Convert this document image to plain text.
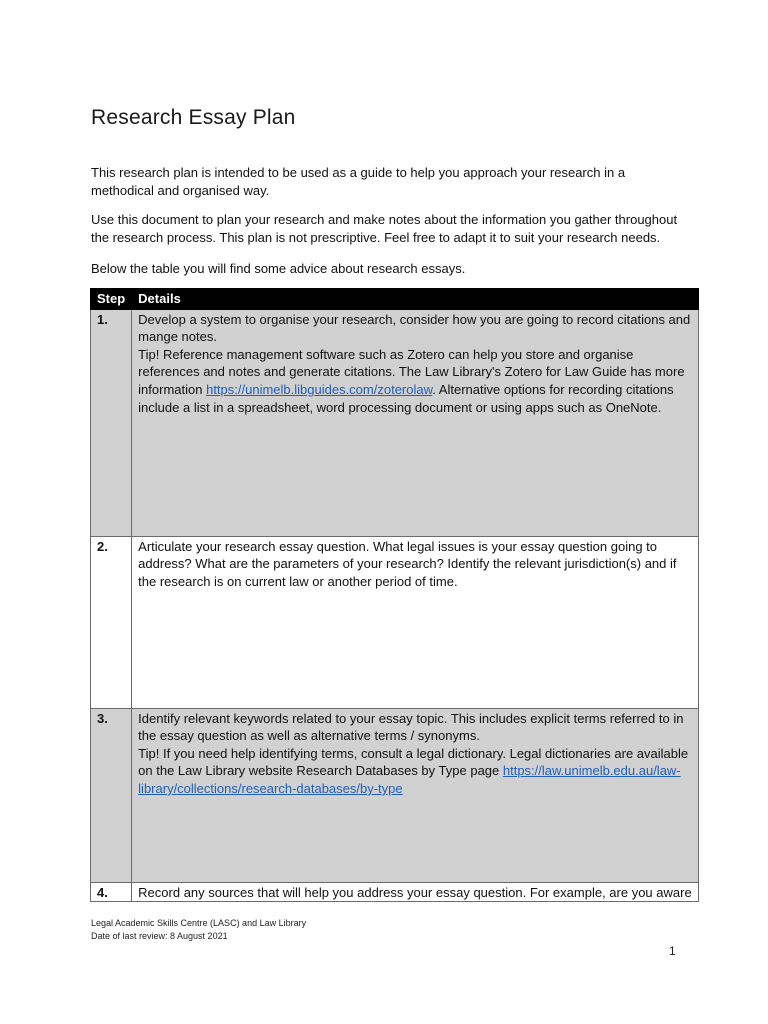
Research Essay Plan
This research plan is intended to be used as a guide to help you approach your research in a methodical and organised way.
Use this document to plan your research and make notes about the information you gather throughout the research process. This plan is not prescriptive. Feel free to adapt it to suit your research needs.
Below the table you will find some advice about research essays.
Step	Details
1.	Develop a system to organise your research, consider how you are going to record citations and mange notes.
Tip! Reference management software such as Zotero can help you store and organise references and notes and generate citations. The Law Library's Zotero for Law Guide has more information https://unimelb.libguides.com/zoterolaw. Alternative options for recording citations include a list in a spreadsheet, word processing document or using apps such as OneNote.

2.	Articulate your research essay question. What legal issues is your essay question going to address? What are the parameters of your research? Identify the relevant jurisdiction(s) and if the research is on current law or another period of time.

3.	Identify relevant keywords related to your essay topic. This includes explicit terms referred to in the essay question as well as alternative terms / synonyms.
Tip! If you need help identifying terms, consult a legal dictionary. Legal dictionaries are available on the Law Library website Research Databases by Type page https://law.unimelb.edu.au/law-library/collections/research-databases/by-type

4.	Record any sources that will help you address your essay question. For example, are you aware
Legal Academic Skills Centre (LASC) and Law Library
Date of last review: 8 August 2021
1
